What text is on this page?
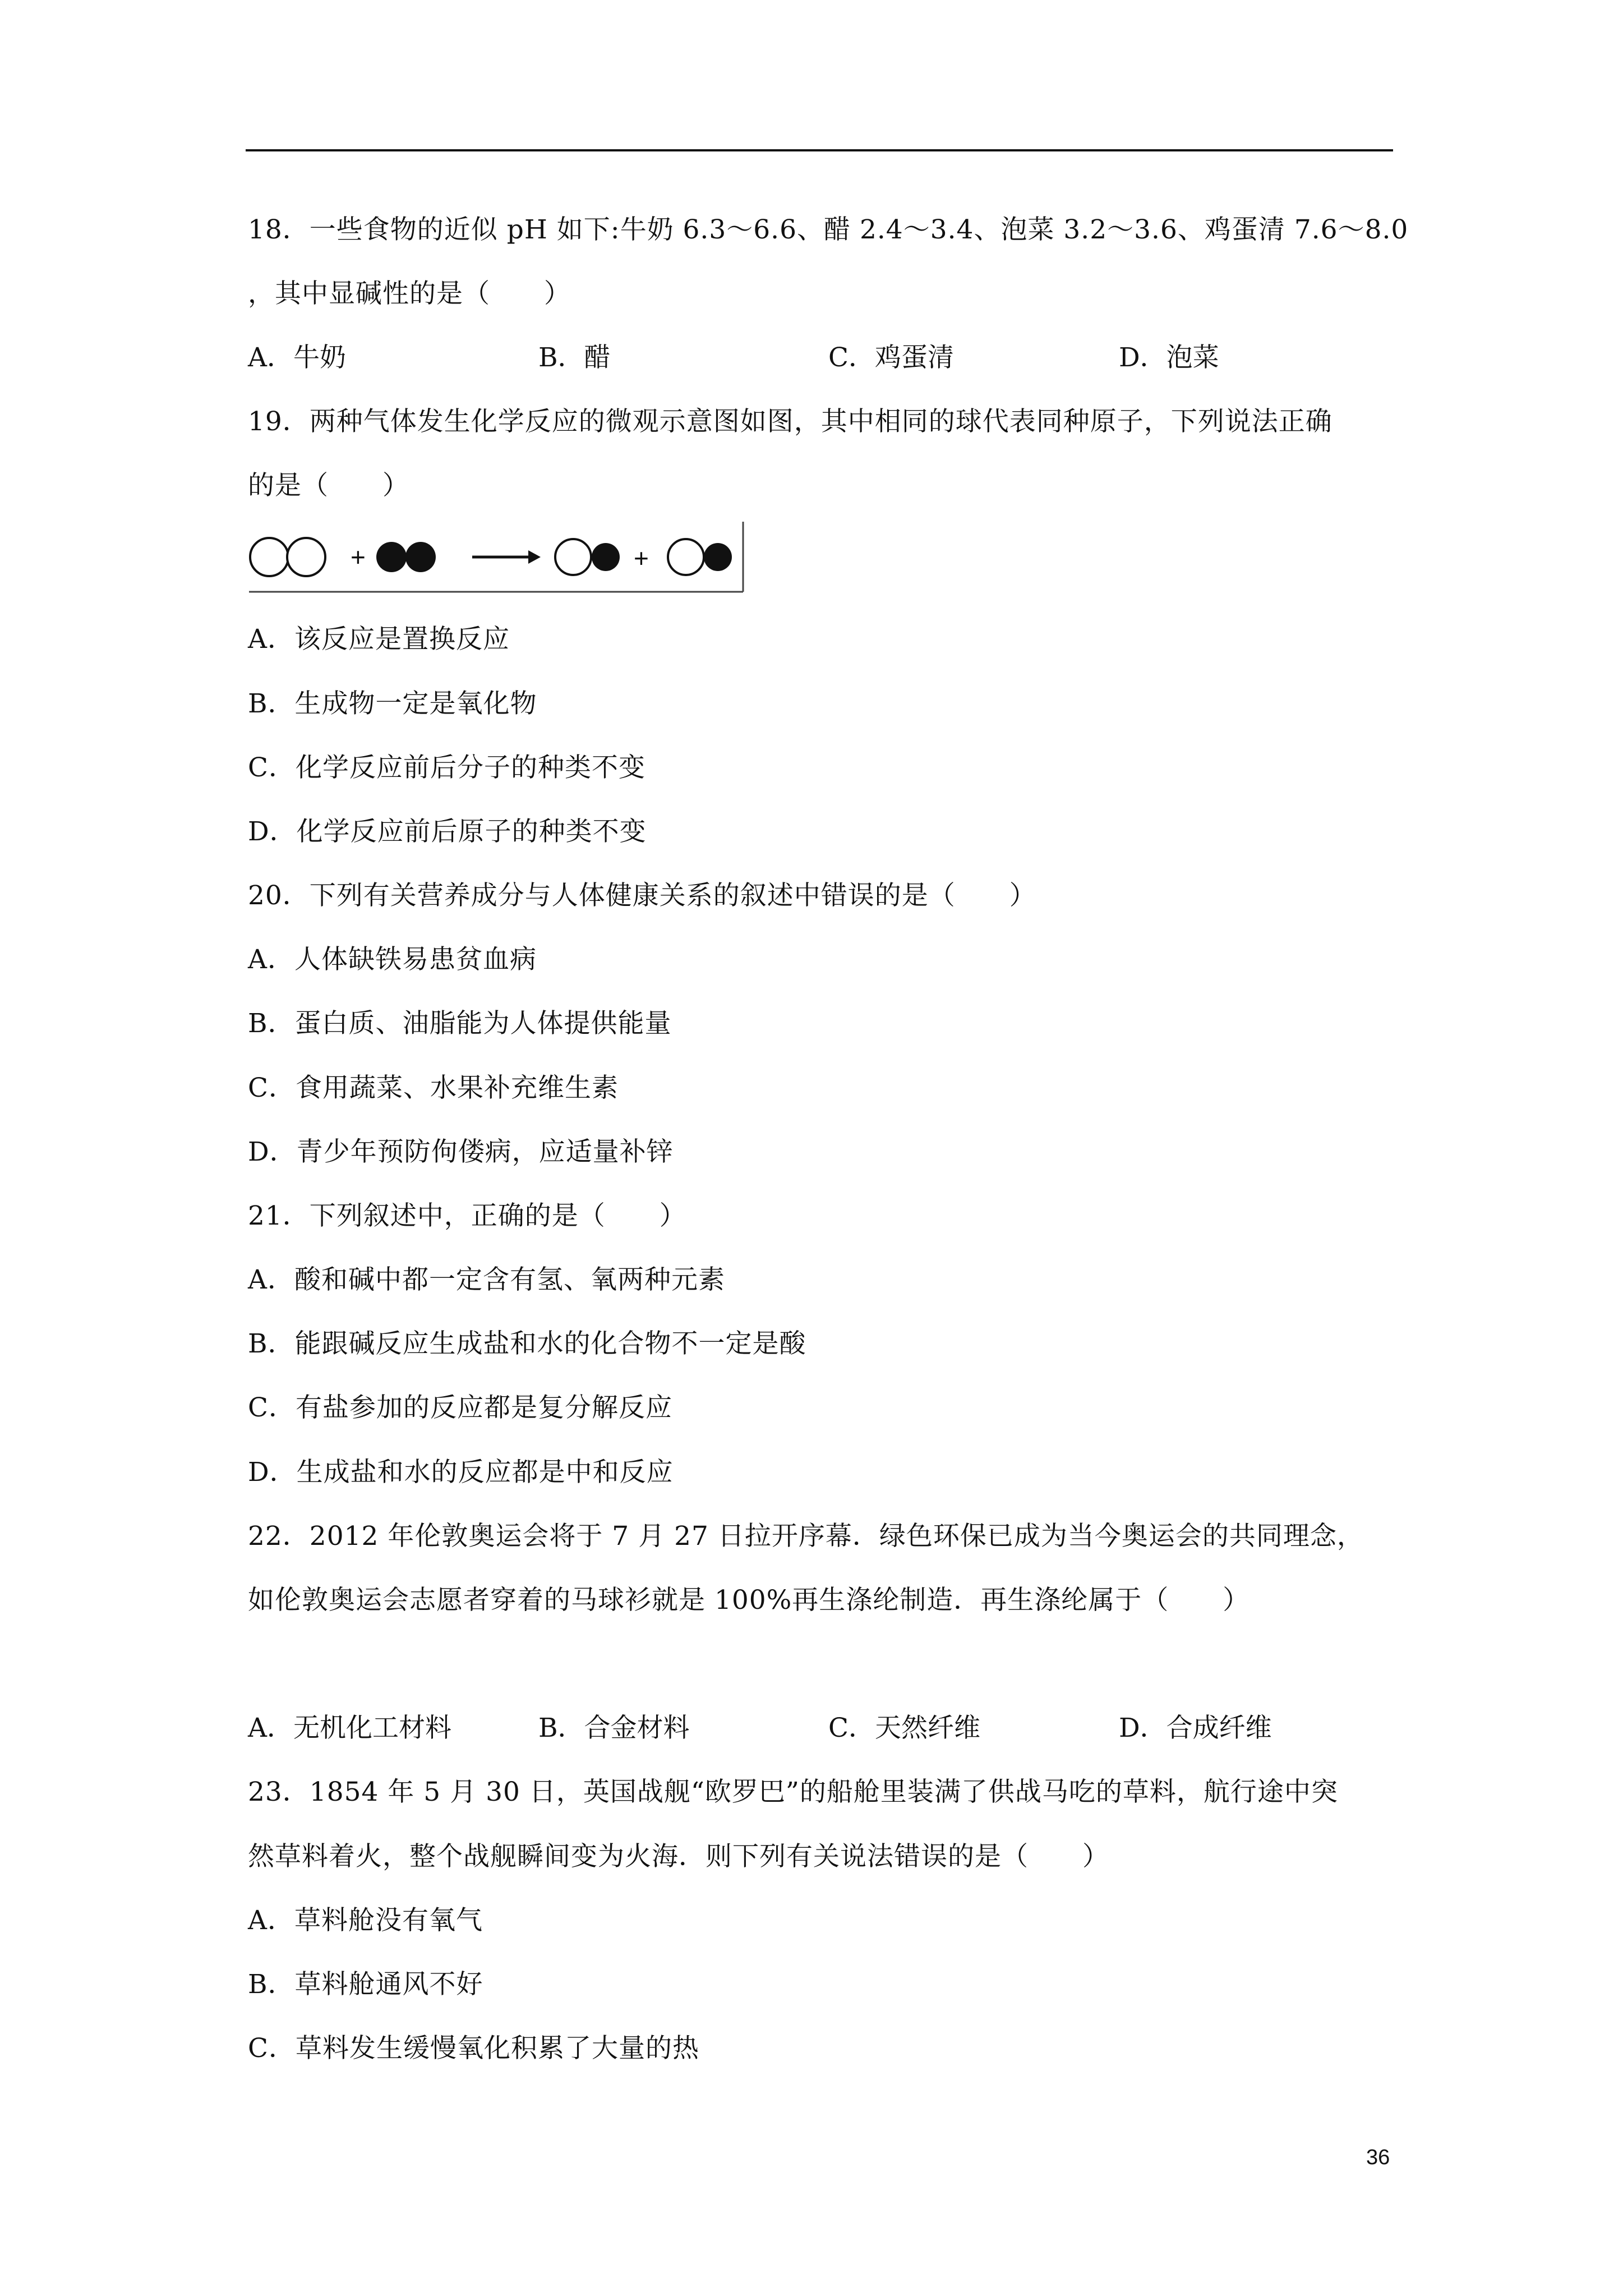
18．一些食物的近似 pH 如下:牛奶 6.3～6.6、醋 2.4～3.4、泡菜 3.2～3.6、鸡蛋清 7.6～8.0
，其中显碱性的是（　　）
A．牛奶	B．醋	C．鸡蛋清	D．泡菜
19．两种气体发生化学反应的微观示意图如图，其中相同的球代表同种原子，下列说法正确
的是（　　）
+	+
A．该反应是置换反应
B．生成物一定是氧化物
C．化学反应前后分子的种类不变
D．化学反应前后原子的种类不变
20．下列有关营养成分与人体健康关系的叙述中错误的是（　　）
A．人体缺铁易患贫血病
B．蛋白质、油脂能为人体提供能量
C．食用蔬菜、水果补充维生素
D．青少年预防佝偻病，应适量补锌
21．下列叙述中，正确的是（　　）
A．酸和碱中都一定含有氢、氧两种元素
B．能跟碱反应生成盐和水的化合物不一定是酸
C．有盐参加的反应都是复分解反应
D．生成盐和水的反应都是中和反应
22．2012 年伦敦奥运会将于 7 月 27 日拉开序幕．绿色环保已成为当今奥运会的共同理念，
如伦敦奥运会志愿者穿着的马球衫就是 100%再生涤纶制造．再生涤纶属于（　　）
A．无机化工材料	B．合金材料	C．天然纤维	D．合成纤维
23．1854 年 5 月 30 日，英国战舰“欧罗巴”的船舱里装满了供战马吃的草料，航行途中突
然草料着火，整个战舰瞬间变为火海．则下列有关说法错误的是（　　）
A．草料舱没有氧气
B．草料舱通风不好
C．草料发生缓慢氧化积累了大量的热
36
